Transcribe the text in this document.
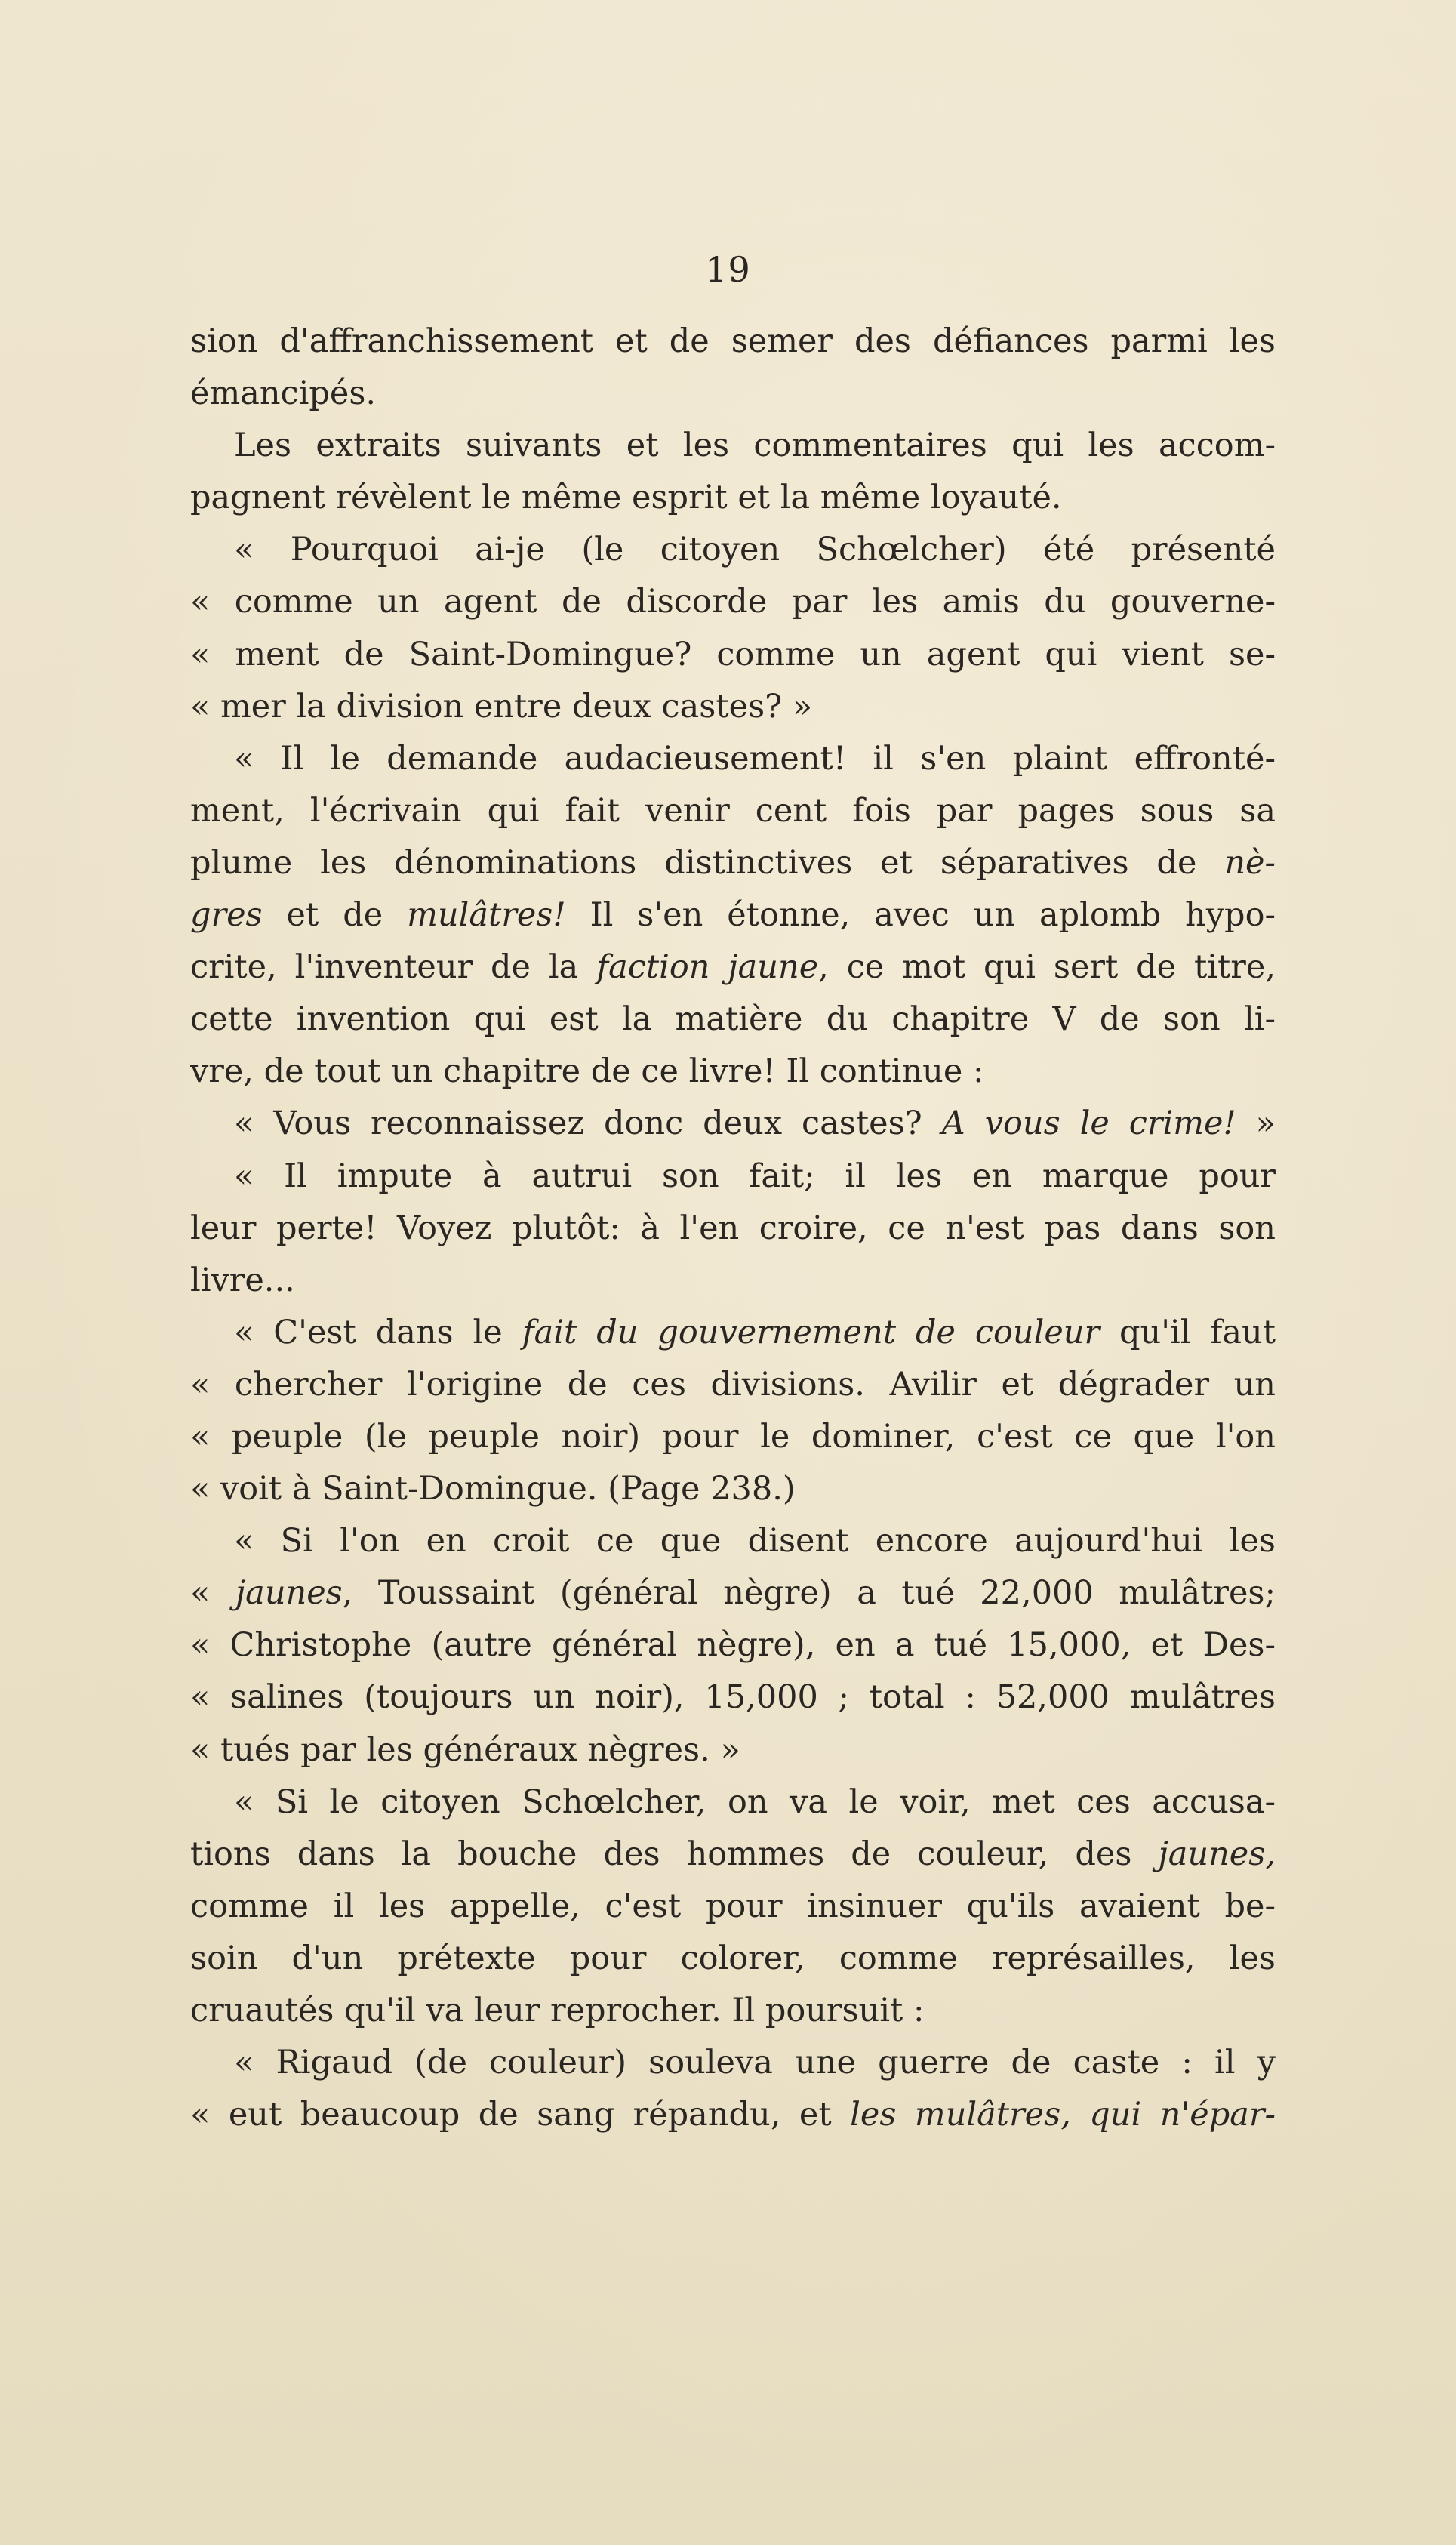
19
sion d'affranchissement et de semer des défiances parmi les
émancipés.
Les extraits suivants et les commentaires qui les accom-
pagnent révèlent le même esprit et la même loyauté.
« Pourquoi ai-je (le citoyen Schœlcher) été présenté
« comme un agent de discorde par les amis du gouverne-
« ment de Saint-Domingue? comme un agent qui vient se-
« mer la division entre deux castes? »
« Il le demande audacieusement! il s'en plaint effronté-
ment, l'écrivain qui fait venir cent fois par pages sous sa
plume les dénominations distinctives et séparatives de nè-
gres et de mulâtres! Il s'en étonne, avec un aplomb hypo-
crite, l'inventeur de la faction jaune, ce mot qui sert de titre,
cette invention qui est la matière du chapitre V de son li-
vre, de tout un chapitre de ce livre! Il continue :
« Vous reconnaissez donc deux castes? A vous le crime! »
« Il impute à autrui son fait; il les en marque pour
leur perte! Voyez plutôt: à l'en croire, ce n'est pas dans son
livre...
« C'est dans le fait du gouvernement de couleur qu'il faut
« chercher l'origine de ces divisions. Avilir et dégrader un
« peuple (le peuple noir) pour le dominer, c'est ce que l'on
« voit à Saint-Domingue. (Page 238.)
« Si l'on en croit ce que disent encore aujourd'hui les
« jaunes, Toussaint (général nègre) a tué 22,000 mulâtres;
« Christophe (autre général nègre), en a tué 15,000, et Des-
« salines (toujours un noir), 15,000 ; total : 52,000 mulâtres
« tués par les généraux nègres. »
« Si le citoyen Schœlcher, on va le voir, met ces accusa-
tions dans la bouche des hommes de couleur, des jaunes,
comme il les appelle, c'est pour insinuer qu'ils avaient be-
soin d'un prétexte pour colorer, comme représailles, les
cruautés qu'il va leur reprocher. Il poursuit :
« Rigaud (de couleur) souleva une guerre de caste : il y
« eut beaucoup de sang répandu, et les mulâtres, qui n'épar-
